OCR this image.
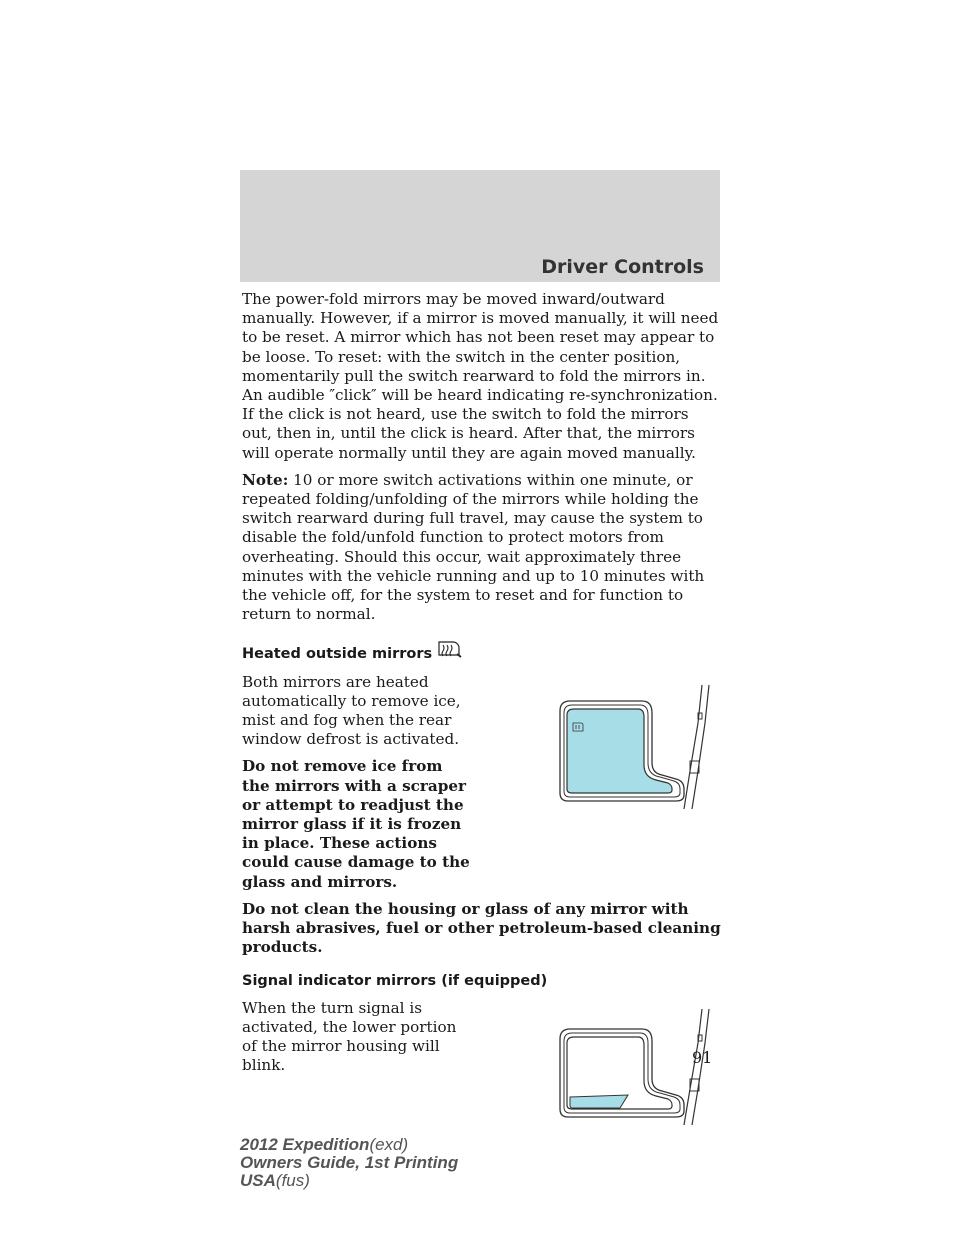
Driver Controls

The power-fold mirrors may be moved inward/outward manually. However, if a mirror is moved manually, it will need to be reset. A mirror which has not been reset may appear to be loose. To reset: with the switch in the center position, momentarily pull the switch rearward to fold the mirrors in. An audible ″click″ will be heard indicating re-synchronization. If the click is not heard, use the switch to fold the mirrors out, then in, until the click is heard. After that, the mirrors will operate normally until they are again moved manually.

Note: 10 or more switch activations within one minute, or repeated folding/unfolding of the mirrors while holding the switch rearward during full travel, may cause the system to disable the fold/unfold function to protect motors from overheating. Should this occur, wait approximately three minutes with the vehicle running and up to 10 minutes with the vehicle off, for the system to reset and for function to return to normal.

Heated outside mirrors

Both mirrors are heated automatically to remove ice, mist and fog when the rear window defrost is activated.

Do not remove ice from the mirrors with a scraper or attempt to readjust the mirror glass if it is frozen in place. These actions could cause damage to the glass and mirrors.

Do not clean the housing or glass of any mirror with harsh abrasives, fuel or other petroleum-based cleaning products.

Signal indicator mirrors (if equipped)

When the turn signal is activated, the lower portion of the mirror housing will blink.	91

2012 Expedition(exd)
Owners Guide, 1st Printing
USA(fus)
